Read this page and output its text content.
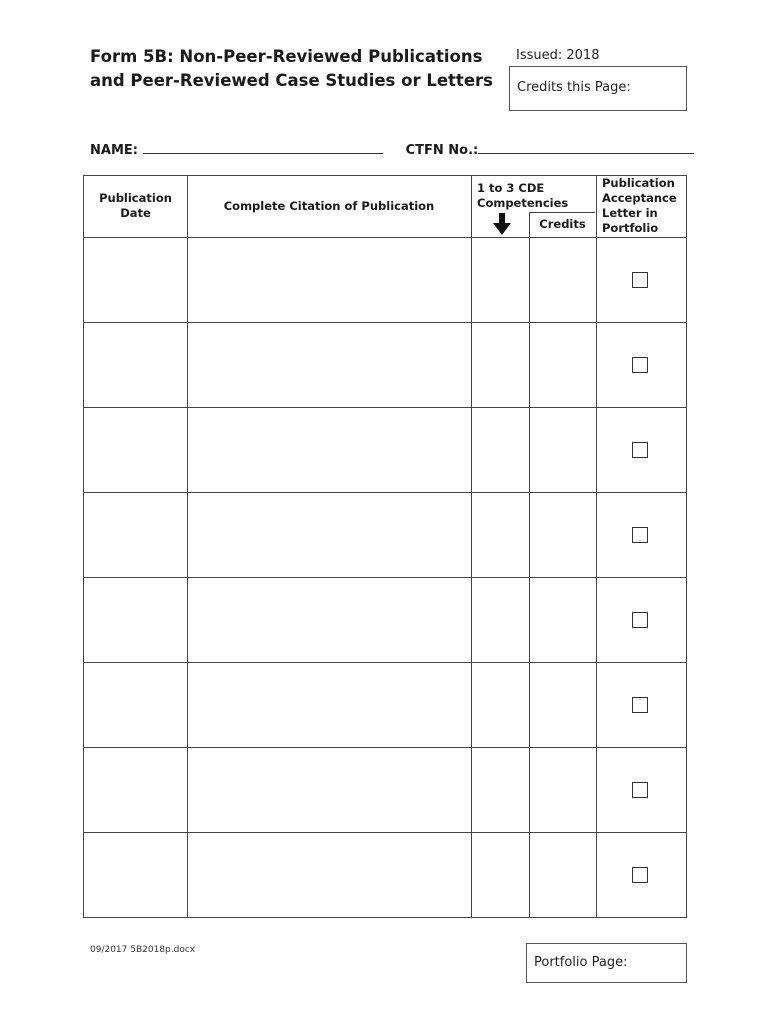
Form 5B: Non-Peer-Reviewed Publications
and Peer-Reviewed Case Studies or Letters
Issued: 2018
Credits this Page:
NAME:	CTFN No.:
Publication
Date	Complete Citation of Publication
1 to 3 CDE
Competencies
Credits
Publication
Acceptance
Letter in
Portfolio
09/2017 5B2018p.docx
Portfolio Page:
